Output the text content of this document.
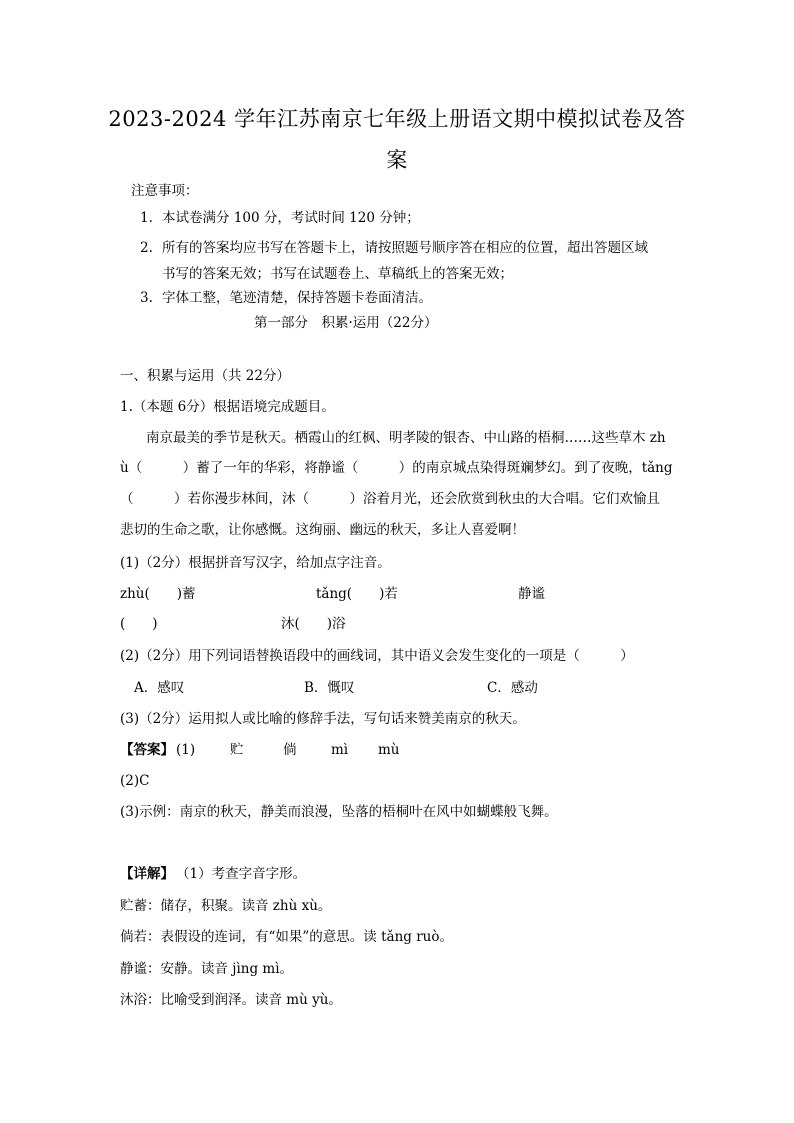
2023-2024 学年江苏南京七年级上册语文期中模拟试卷及答
案
注意事项：
1. 本试卷满分 100 分，考试时间 120 分钟；
2. 所有的答案均应书写在答题卡上，请按照题号顺序答在相应的位置，超出答题区域
书写的答案无效；书写在试题卷上、草稿纸上的答案无效；
3. 字体工整，笔迹清楚，保持答题卡卷面清洁。
第一部分　积累·运用（22分）
一、积累与运用（共 22分）
1.（本题 6分）根据语境完成题目。
南京最美的季节是秋天。栖霞山的红枫、明孝陵的银杏、中山路的梧桐……这些草木 zh
ù（　　　）蓄了一年的华彩，将静谧（　　　）的南京城点染得斑斓梦幻。到了夜晚，tǎng
（　　　）若你漫步林间，沐（　　　）浴着月光，还会欣赏到秋虫的大合唱。它们欢愉且
悲切的生命之歌，让你感慨。这绚丽、幽远的秋天，多让人喜爱啊！
(1)（2分）根据拼音写汉字，给加点字注音。
zhù(　　)蓄	tǎng(　　)若	静谧
(　　)	沐(　　)浴
(2)（2分）用下列词语替换语段中的画线词，其中语义会发生变化的一项是（　　　）
A．感叹	B．慨叹	C．感动
(3)（2分）运用拟人或比喻的修辞手法，写句话来赞美南京的秋天。
【答案】 (1)	贮	倘	mì mù
(2)C
(3)示例：南京的秋天，静美而浪漫，坠落的梧桐叶在风中如蝴蝶般飞舞。
【详解】 （1）考查字音字形。
贮蓄：储存，积聚。读音 zhù xù。
倘若：表假设的连词，有“如果”的意思。读 tǎng ruò。
静谧：安静。读音 jìng mì。
沐浴：比喻受到润泽。读音 mù yù。
